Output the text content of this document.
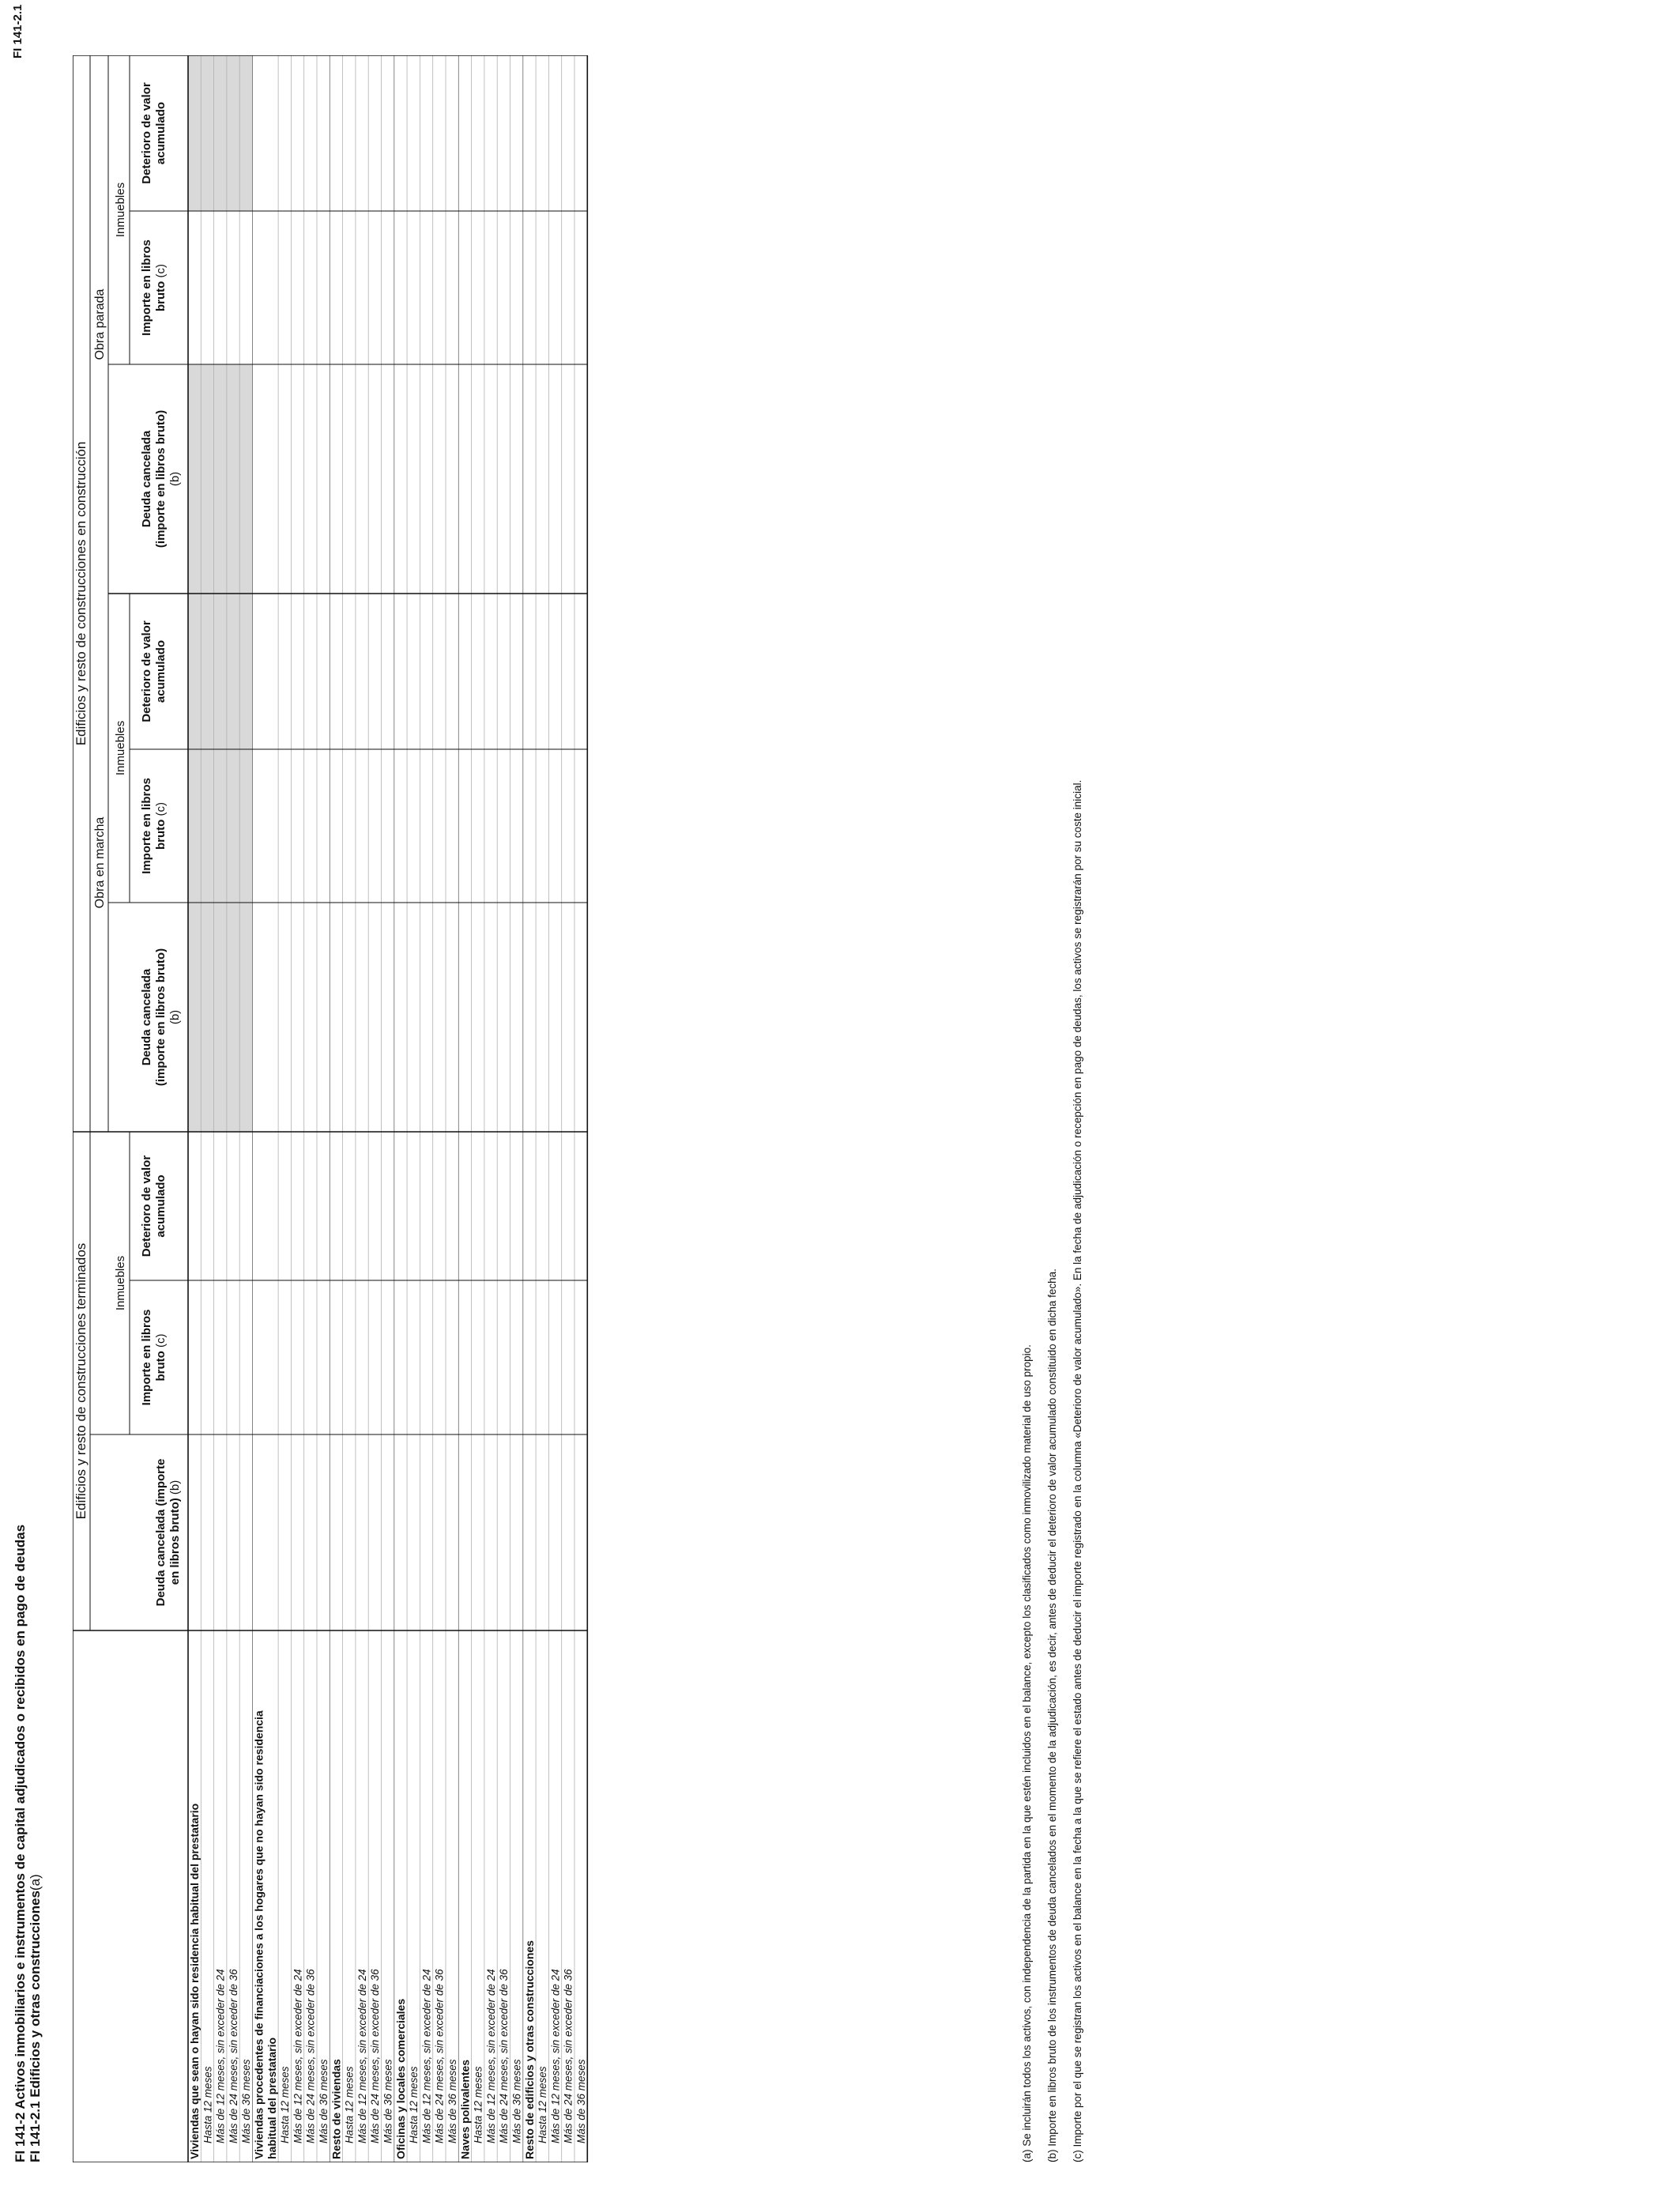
FI 141-2.1
FI 141-2 Activos inmobiliarios e instrumentos de capital adjudicados o recibidos en pago de deudas FI 141-2.1 Edificios y otras construcciones(a)
Edificios y resto de construcciones terminados
Edificios y resto de construcciones en construcción
Obra en marcha
Obra parada
Inmuebles
Inmuebles
Inmuebles
Deuda cancelada (importe en libros bruto) (b)
Importe en libros bruto (c)
Deterioro de valor acumulado
Deuda cancelada (importe en libros bruto) (b)
Importe en libros bruto (c)
Deterioro de valor acumulado
Deuda cancelada (importe en libros bruto) (b)
Importe en libros bruto (c)
Deterioro de valor acumulado
Viviendas que sean o hayan sido residencia habitual del prestatario Hasta 12 meses Más de 12 meses, sin exceder de 24 Más de 24 meses, sin exceder de 36 Más de 36 meses Viviendas procedentes de financiaciones a los hogares que no hayan sido residencia habitual del prestatario Hasta 12 meses Más de 12 meses, sin exceder de 24 Más de 24 meses, sin exceder de 36 Más de 36 meses Resto de viviendas Hasta 12 meses Más de 12 meses, sin exceder de 24 Más de 24 meses, sin exceder de 36 Más de 36 meses Oficinas y locales comerciales Hasta 12 meses Más de 12 meses, sin exceder de 24 Más de 24 meses, sin exceder de 36 Más de 36 meses Naves polivalentes Hasta 12 meses Más de 12 meses, sin exceder de 24 Más de 24 meses, sin exceder de 36 Más de 36 meses Resto de edificios y otras construcciones Hasta 12 meses Más de 12 meses, sin exceder de 24 Más de 24 meses, sin exceder de 36 Más de 36 meses	(a) Se incluirán todos los activos, con independencia de la partida en la que estén incluidos en el balance, excepto los clasificados como inmovilizado material de uso propio. (b) Importe en libros bruto de los instrumentos de deuda cancelados en el momento de la adjudicación, es decir, antes de deducir el deterioro de valor acumulado constituido en dicha fecha. (c) Importe por el que se registran los activos en el balance en la fecha a la que se refiere el estado antes de deducir el importe registrado en la columna «Deterioro de valor acumulado». En la fecha de adjudicación o recepción en pago de deudas, los activos se registrarán por su coste inicial.
